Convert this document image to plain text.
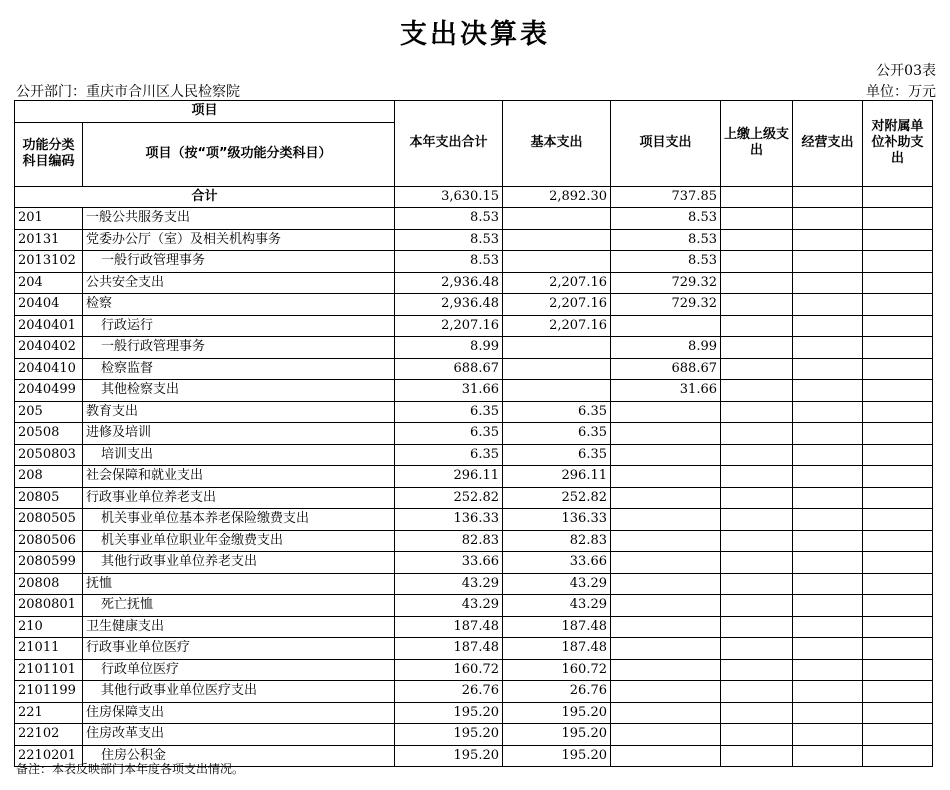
支出决算表
公开03表
公开部门：重庆市合川区人民检察院	单位：万元
项目		本年支出合计	基本支出	项目支出	上缴上级支出	经营支出	对附属单位补助支出
功能分类科目编码	项目（按“项”级功能分类科目）						
合计		3,630.15	2,892.30	737.85			
201	一般公共服务支出	8.53		8.53			
20131	党委办公厅（室）及相关机构事务	8.53		8.53			
2013102	一般行政管理事务	8.53		8.53			
204	公共安全支出	2,936.48	2,207.16	729.32			
20404	检察	2,936.48	2,207.16	729.32			
2040401	行政运行	2,207.16	2,207.16				
2040402	一般行政管理事务	8.99		8.99			
2040410	检察监督	688.67		688.67			
2040499	其他检察支出	31.66		31.66			
205	教育支出	6.35	6.35				
20508	进修及培训	6.35	6.35				
2050803	培训支出	6.35	6.35				
208	社会保障和就业支出	296.11	296.11				
20805	行政事业单位养老支出	252.82	252.82				
2080505	机关事业单位基本养老保险缴费支出	136.33	136.33				
2080506	机关事业单位职业年金缴费支出	82.83	82.83				
2080599	其他行政事业单位养老支出	33.66	33.66				
20808	抚恤	43.29	43.29				
2080801	死亡抚恤	43.29	43.29				
210	卫生健康支出	187.48	187.48				
21011	行政事业单位医疗	187.48	187.48				
2101101	行政单位医疗	160.72	160.72				
2101199	其他行政事业单位医疗支出	26.76	26.76				
221	住房保障支出	195.20	195.20				
22102	住房改革支出	195.20	195.20				
2210201	住房公积金	195.20	195.20				
备注：本表反映部门本年度各项支出情况。
